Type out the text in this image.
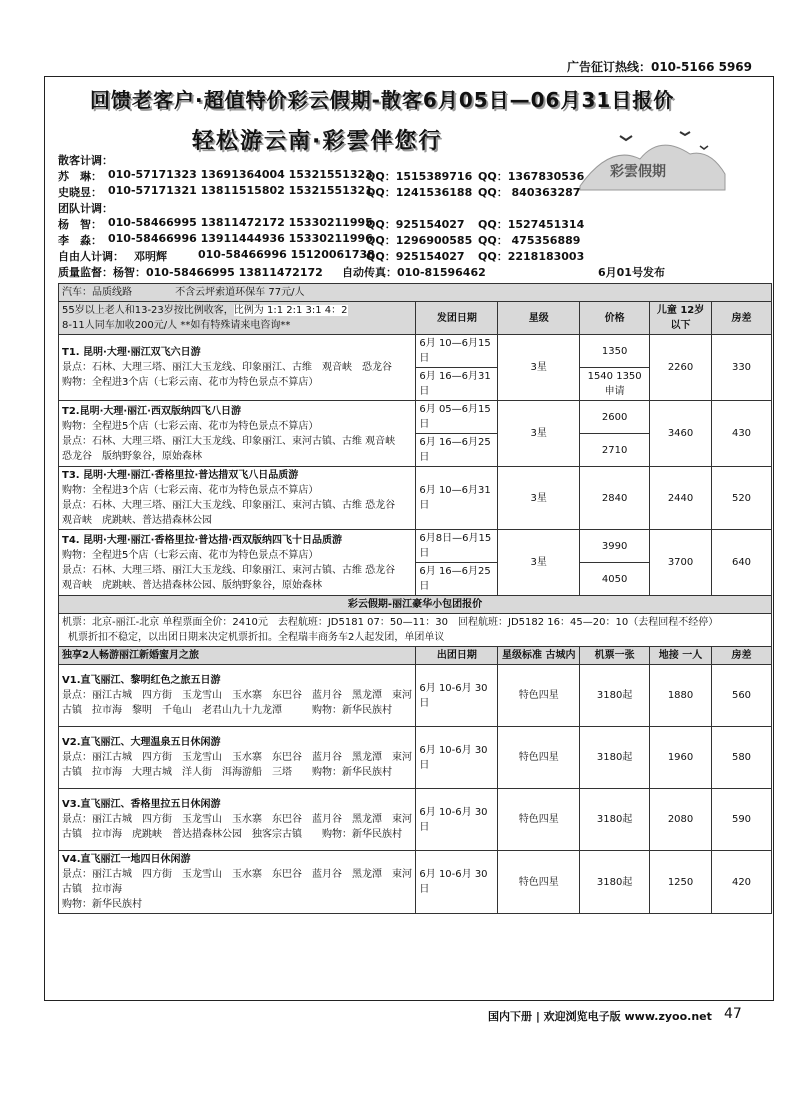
广告征订热线：010-5166 5969
回馈老客户·超值特价彩云假期-散客6月05日—06月31日报价
轻松游云南·彩雲伴您行
彩雲假期
散客计调：
苏　琳： 010-57171323 13691364004 15321551323
QQ：1515389716 QQ：1367830536
史晓昱： 010-57171321 13811515802 15321551321
QQ：1241536188 QQ： 840363287
团队计调：
杨　智： 010-58466995 13811472172 15330211995
QQ：925154027 QQ：1527451314
李　淼： 010-58466996 13911444936 15330211996
QQ：1296900585 QQ： 475356889
自由人计调： 邓明辉	010-58466996 15120061738
QQ：925154027 QQ：2218183003
质量监督：杨智：010-58466995 13811472172 自动传真：010-81596462	6月01号发布
汽车：品质线路 不含云坪索道环保车 77元/人					
55岁以上老人和13-23岁按比例收客，比例为 1:1 2:1 3:1 4：2
8-11人同车加收200元/人 **如有特殊请来电咨询**	发团日期	星级	价格	儿童 12岁以下	房差

T1. 昆明·大理·丽江双飞六日游
景点：石林、大理三塔、丽江大玉龙线、印象丽江、古维　观音峡　恐龙谷
购物：全程进3个店（七彩云南、花市为特色景点不算店）	6月 10—6月15日	3星	1350	2260	330
	6月 16—6月31日		1540 1350申请		

T2.昆明·大理·丽江·西双版纳四飞八日游
购物：全程进5个店（七彩云南、花市为特色景点不算店）
景点：石林、大理三塔、丽江大玉龙线、印象丽江、束河古镇、古维 观音峡
恐龙谷　版纳野象谷，原始森林	6月 05—6月15日	3星	2600	3460	430
	6月 16—6月25日		2710		

T3. 昆明·大理·丽江·香格里拉·普达措双飞八日品质游
购物：全程进3个店（七彩云南、花市为特色景点不算店）
景点：石林、大理三塔、丽江大玉龙线、印象丽江、束河古镇、古维 恐龙谷
观音峡　虎跳峡、普达措森林公园	6月 10—6月31日	3星	2840	2440	520

T4. 昆明·大理·丽江·香格里拉·普达措·西双版纳四飞十日品质游
购物：全程进5个店（七彩云南、花市为特色景点不算店）
景点：石林、大理三塔、丽江大玉龙线、印象丽江、束河古镇、古维 恐龙谷
观音峡　虎跳峡、普达措森林公园、版纳野象谷，原始森林	6月8日—6月15日	3星	3990	3700	640
	6月 16—6月25日		4050		
彩云假期-丽江豪华小包团报价					

机票：北京-丽江-北京 单程票面全价：2410元　去程航班：JD5181 07：50—11：30　回程航班：JD5182 16：45—20：10（去程回程不经停）
机票折扣不稳定，以出团日期来决定机票折扣。全程瑞丰商务车2人起发团，单团单议					

独享2人畅游丽江新婚蜜月之旅	出团日期	星级标准 古城内	机票一张	地接 一人	房差

V1.直飞丽江、黎明红色之旅五日游
景点：丽江古城　四方街　玉龙雪山　玉水寨　东巴谷　蓝月谷　黑龙潭　束河古镇　拉市海　黎明　千龟山　老君山九十九龙潭　　　购物：新华民族村	6月 10-6月 30日	特色四星	3180起	1880	560

V2.直飞丽江、大理温泉五日休闲游
景点：丽江古城　四方街　玉龙雪山　玉水寨　东巴谷　蓝月谷　黑龙潭　束河古镇　拉市海　大理古城　洋人街　洱海游船　三塔　　购物：新华民族村	6月 10-6月 30日	特色四星	3180起	1960	580

V3.直飞丽江、香格里拉五日休闲游
景点：丽江古城　四方街　玉龙雪山　玉水寨　东巴谷　蓝月谷　黑龙潭　束河古镇　拉市海　虎跳峡　普达措森林公园　独客宗古镇　　购物：新华民族村	6月 10-6月 30日	特色四星	3180起	2080	590

V4.直飞丽江一地四日休闲游
景点：丽江古城　四方街　玉龙雪山　玉水寨　东巴谷　蓝月谷　黑龙潭　束河古镇　拉市海
购物：新华民族村	6月 10-6月 30日	特色四星	3180起	1250	420
国内下册 | 欢迎浏览电子版 www.zyoo.net 47
